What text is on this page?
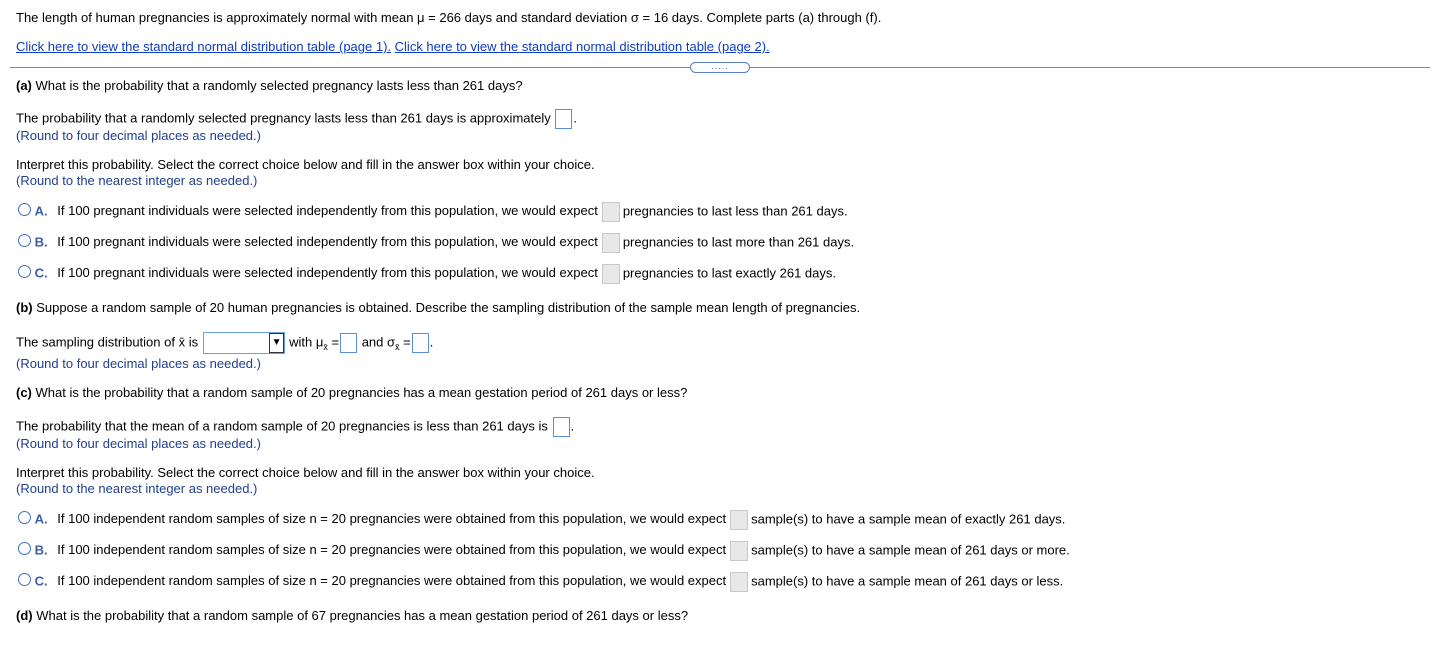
The length of human pregnancies is approximately normal with mean μ = 266 days and standard deviation σ = 16 days. Complete parts (a) through (f).
Click here to view the standard normal distribution table (page 1). Click here to view the standard normal distribution table (page 2).
.....
(a) What is the probability that a randomly selected pregnancy lasts less than 261 days?
The probability that a randomly selected pregnancy lasts less than 261 days is approximately .
(Round to four decimal places as needed.)
Interpret this probability. Select the correct choice below and fill in the answer box within your choice.
(Round to the nearest integer as needed.)
A. If 100 pregnant individuals were selected independently from this population, we would expect pregnancies to last less than 261 days.
B. If 100 pregnant individuals were selected independently from this population, we would expect pregnancies to last more than 261 days.
C. If 100 pregnant individuals were selected independently from this population, we would expect pregnancies to last exactly 261 days.
(b) Suppose a random sample of 20 human pregnancies is obtained. Describe the sampling distribution of the sample mean length of pregnancies.
The sampling distribution of x̄ is	▼ with $\mu_{x̄}$ = and $\sigma_{x̄}$ = .
(Round to four decimal places as needed.)
(c) What is the probability that a random sample of 20 pregnancies has a mean gestation period of 261 days or less?
The probability that the mean of a random sample of 20 pregnancies is less than 261 days is .
(Round to four decimal places as needed.)
Interpret this probability. Select the correct choice below and fill in the answer box within your choice.
(Round to the nearest integer as needed.)
A. If 100 independent random samples of size n = 20 pregnancies were obtained from this population, we would expect sample(s) to have a sample mean of exactly 261 days.
B. If 100 independent random samples of size n = 20 pregnancies were obtained from this population, we would expect sample(s) to have a sample mean of 261 days or more.
C. If 100 independent random samples of size n = 20 pregnancies were obtained from this population, we would expect sample(s) to have a sample mean of 261 days or less.
(d) What is the probability that a random sample of 67 pregnancies has a mean gestation period of 261 days or less?
